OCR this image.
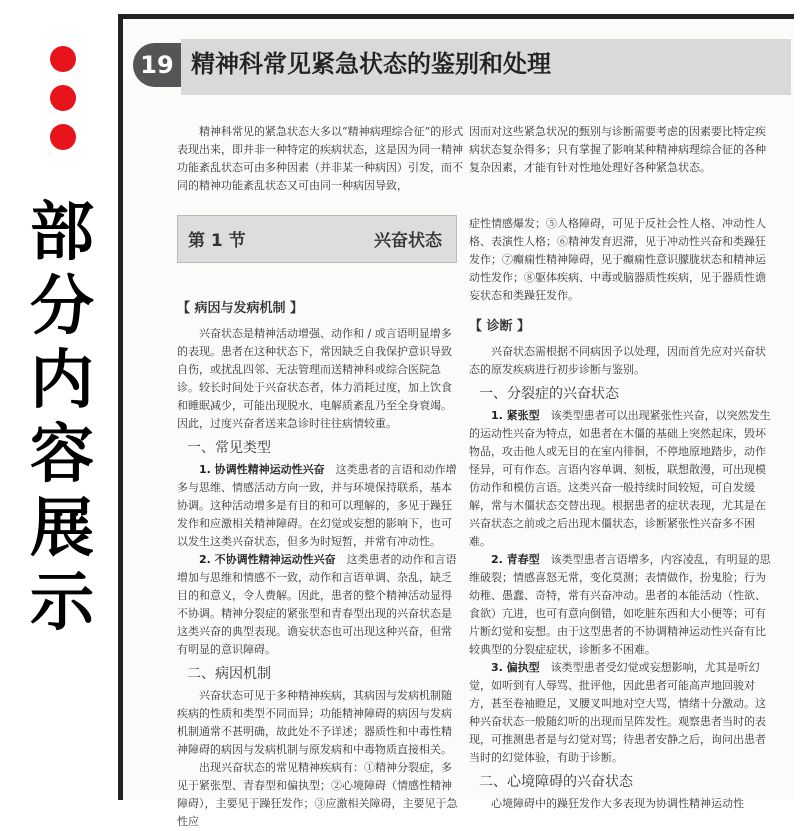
部分内容展示
19 精神科常见紧急状态的鉴别和处理
精神科常见的紧急状态大多以“精神病理综合征”的形式表现出来，即并非一种特定的疾病状态，这是因为同一精神功能紊乱状态可由多种因素（并非某一种病因）引发，而不同的精神功能紊乱状态又可由同一种病因导致，
因而对这些紧急状况的甄别与诊断需要考虑的因素要比特定疾病状态复杂得多；只有掌握了影响某种精神病理综合征的各种复杂因素，才能有针对性地处理好各种紧急状态。
第 1 节	兴奋状态
【 病因与发病机制 】
兴奋状态是精神活动增强、动作和 / 或言语明显增多的表现。患者在这种状态下，常因缺乏自我保护意识导致自伤，或扰乱四邻、无法管理而送精神科或综合医院急诊。较长时间处于兴奋状态者，体力消耗过度，加上饮食和睡眠减少，可能出现脱水、电解质紊乱乃至全身衰竭。因此，过度兴奋者送来急诊时往往病情较重。
一、常见类型
1. 协调性精神运动性兴奋　 这类患者的言语和动作增多与思维、情感活动方向一致，并与环境保持联系，基本协调。这种活动增多是有目的和可以理解的，多见于躁狂发作和应激相关精神障碍。在幻觉或妄想的影响下，也可以发生这类兴奋状态，但多为时短暂，并常有冲动性。
2. 不协调性精神运动性兴奋　 这类患者的动作和言语增加与思维和情感不一致，动作和言语单调、杂乱，缺乏目的和意义，令人费解。因此，患者的整个精神活动显得不协调。精神分裂症的紧张型和青春型出现的兴奋状态是这类兴奋的典型表现。谵妄状态也可出现这种兴奋，但常有明显的意识障碍。
二、病因机制
兴奋状态可见于多种精神疾病，其病因与发病机制随疾病的性质和类型不同而异；功能精神障碍的病因与发病机制通常不甚明确，故此处不予详述；器质性和中毒性精神障碍的病因与发病机制与原发病和中毒物质直接相关。
出现兴奋状态的常见精神疾病有：①精神分裂症，多见于紧张型、青春型和偏执型；②心境障碍（情感性精神障碍），主要见于躁狂发作；③应激相关障碍，主要见于急性应
症性情感爆发；⑤人格障碍，可见于反社会性人格、冲动性人格、表演性人格；⑥精神发育迟滞，见于冲动性兴奋和类躁狂发作；⑦癫痫性精神障碍，见于癫痫性意识朦胧状态和精神运动性发作；⑧躯体疾病、中毒或脑器质性疾病，见于器质性谵妄状态和类躁狂发作。
【 诊断 】
兴奋状态需根据不同病因予以处理，因而首先应对兴奋状态的原发疾病进行初步诊断与鉴别。
一、分裂症的兴奋状态
1. 紧张型　 该类型患者可以出现紧张性兴奋，以突然发生的运动性兴奋为特点，如患者在木僵的基础上突然起床，毁坏物品，攻击他人或无目的在室内徘徊，不停地原地踏步，动作怪异，可有作态。言语内容单调、刻板，联想散漫，可出现模仿动作和模仿言语。这类兴奋一般持续时间较短，可自发缓解，常与木僵状态交替出现。根据患者的症状表现，尤其是在兴奋状态之前或之后出现木僵状态，诊断紧张性兴奋多不困难。
2. 青春型　 该类型患者言语增多，内容凌乱，有明显的思维破裂；情感喜怒无常，变化莫测；表情做作，扮鬼脸；行为幼稚、愚蠢、奇特，常有兴奋冲动。患者的本能活动（性欲、食欲）亢进，也可有意向倒错，如吃脏东西和大小便等；可有片断幻觉和妄想。由于这型患者的不协调精神运动性兴奋有比较典型的分裂症症状，诊断多不困难。
3. 偏执型　 该类型患者受幻觉或妄想影响，尤其是听幻觉，如听到有人辱骂、批评他，因此患者可能高声地回骏对方，甚至卷袖瞪足，叉腰叉叫地对空大骂，情绪十分激动。这种兴奋状态一般随幻听的出现而呈阵发性。观察患者当时的表现，可推测患者是与幻觉对骂；待患者安静之后，询问出患者当时的幻觉体验，有助于诊断。
二、心境障碍的兴奋状态
心境障碍中的躁狂发作大多表现为协调性精神运动性
